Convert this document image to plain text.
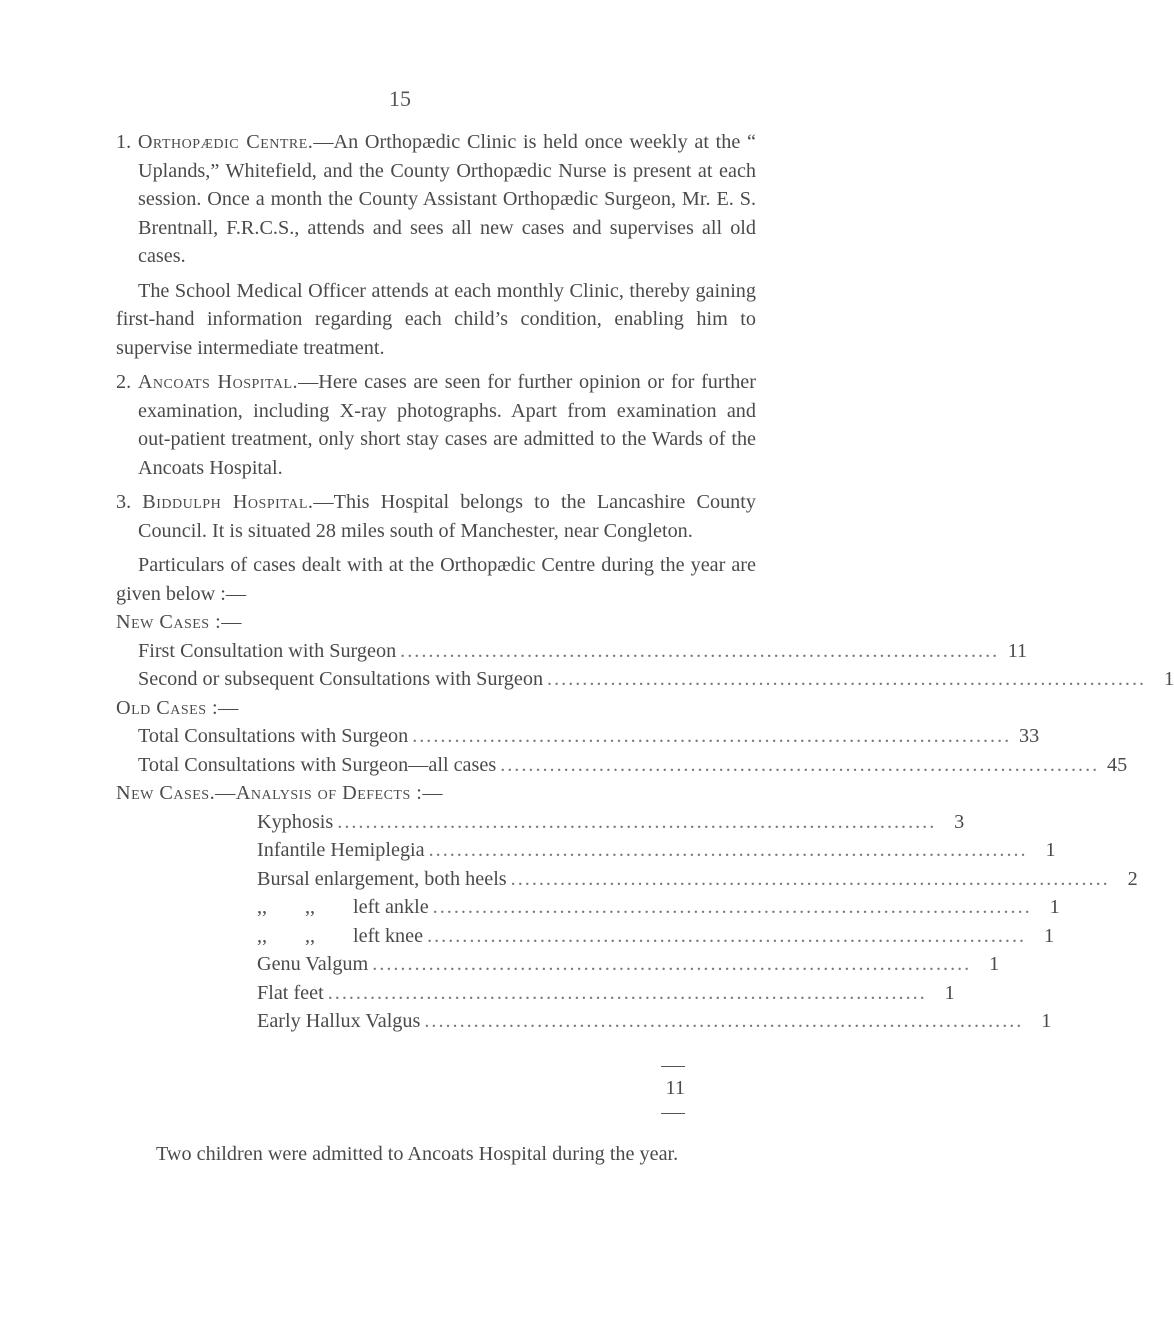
15

1. Orthopædic Centre.—An Orthopædic Clinic is held once weekly at the “ Uplands,” Whitefield, and the County Orthopædic Nurse is present at each session. Once a month the County Assistant Orthopædic Surgeon, Mr. E. S. Brentnall, F.R.C.S., attends and sees all new cases and supervises all old cases.

The School Medical Officer attends at each monthly Clinic, thereby gaining first-hand information regarding each child’s condition, enabling him to supervise intermediate treatment.

2. Ancoats Hospital.—Here cases are seen for further opinion or for further examination, including X-ray photographs. Apart from examination and out-patient treatment, only short stay cases are admitted to the Wards of the Ancoats Hospital.

3. Biddulph Hospital.—This Hospital belongs to the Lancashire County Council. It is situated 28 miles south of Manchester, near Congleton.

Particulars of cases dealt with at the Orthopædic Centre during the year are given below :—

New Cases :—
First Consultation with Surgeon ..................................................................................... 11
Second or subsequent Consultations with Surgeon ..................................................................................... 1
Old Cases :—
Total Consultations with Surgeon ..................................................................................... 33
Total Consultations with Surgeon—all cases ..................................................................................... 45
New Cases.—Analysis of Defects :—
Kyphosis ..................................................................................... 3
Infantile Hemiplegia ..................................................................................... 1
Bursal enlargement, both heels ..................................................................................... 2
,, ,, left ankle ..................................................................................... 1
,, ,, left knee ..................................................................................... 1
Genu Valgum ..................................................................................... 1
Flat feet ..................................................................................... 1
Early Hallux Valgus ..................................................................................... 1
11

Two children were admitted to Ancoats Hospital during the year.
